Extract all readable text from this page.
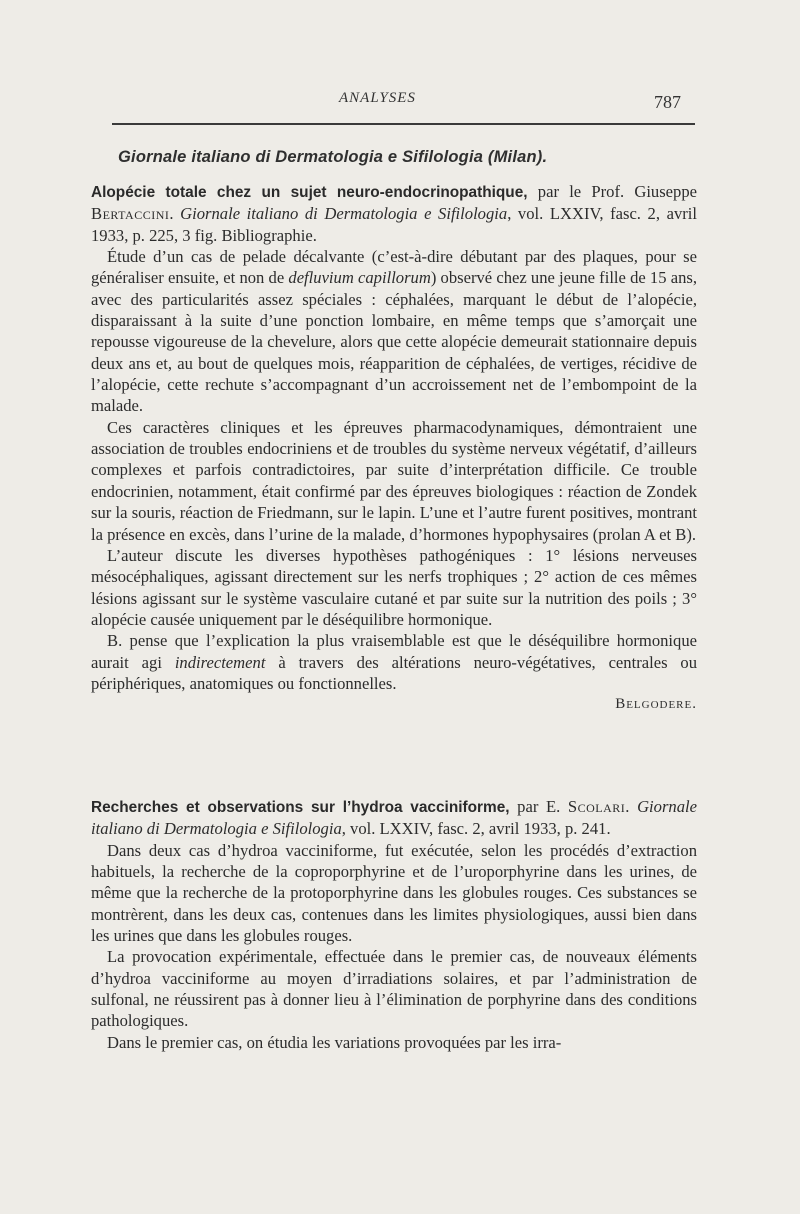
ANALYSES	787
Giornale italiano di Dermatologia e Sifilologia (Milan).

Alopécie totale chez un sujet neuro-endocrinopathique, par le Prof. Giuseppe Bertaccini. Giornale italiano di Dermatologia e Sifilologia, vol. LXXIV, fasc. 2, avril 1933, p. 225, 3 fig. Bibliographie.

Étude d’un cas de pelade décalvante (c’est-à-dire débutant par des plaques, pour se généraliser ensuite, et non de defluvium capillorum) observé chez une jeune fille de 15 ans, avec des particularités assez spéciales : céphalées, marquant le début de l’alopécie, disparaissant à la suite d’une ponction lombaire, en même temps que s’amorçait une repousse vigoureuse de la chevelure, alors que cette alopécie demeurait stationnaire depuis deux ans et, au bout de quelques mois, réapparition de céphalées, de vertiges, récidive de l’alopécie, cette rechute s’accompagnant d’un accroissement net de l’embompoint de la malade.

Ces caractères cliniques et les épreuves pharmacodynamiques, démontraient une association de troubles endocriniens et de troubles du système nerveux végétatif, d’ailleurs complexes et parfois contradictoires, par suite d’interprétation difficile. Ce trouble endocrinien, notamment, était confirmé par des épreuves biologiques : réaction de Zondek sur la souris, réaction de Friedmann, sur le lapin. L’une et l’autre furent positives, montrant la présence en excès, dans l’urine de la malade, d’hormones hypophysaires (prolan A et B).

L’auteur discute les diverses hypothèses pathogéniques : 1° lésions nerveuses mésocéphaliques, agissant directement sur les nerfs trophiques ; 2° action de ces mêmes lésions agissant sur le système vasculaire cutané et par suite sur la nutrition des poils ; 3° alopécie causée uniquement par le déséquilibre hormonique.

B. pense que l’explication la plus vraisemblable est que le déséquilibre hormonique aurait agi indirectement à travers des altérations neuro-végétatives, centrales ou périphériques, anatomiques ou fonctionnelles.

Belgodere.

Recherches et observations sur l’hydroa vacciniforme, par E. Scolari. Giornale italiano di Dermatologia e Sifilologia, vol. LXXIV, fasc. 2, avril 1933, p. 241.

Dans deux cas d’hydroa vacciniforme, fut exécutée, selon les procédés d’extraction habituels, la recherche de la coproporphyrine et de l’uroporphyrine dans les urines, de même que la recherche de la protoporphyrine dans les globules rouges. Ces substances se montrèrent, dans les deux cas, contenues dans les limites physiologiques, aussi bien dans les urines que dans les globules rouges.

La provocation expérimentale, effectuée dans le premier cas, de nouveaux éléments d’hydroa vacciniforme au moyen d’irradiations solaires, et par l’administration de sulfonal, ne réussirent pas à donner lieu à l’élimination de porphyrine dans des conditions pathologiques.

Dans le premier cas, on étudia les variations provoquées par les irra-
